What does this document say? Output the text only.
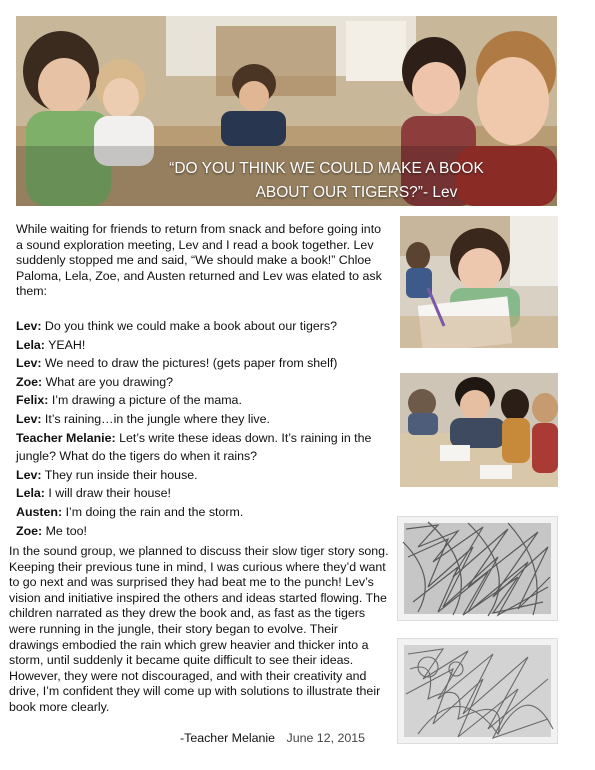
“DO YOU THINK WE COULD MAKE A BOOK
ABOUT OUR TIGERS?”- Lev
While waiting for friends to return from snack and before going into a sound exploration meeting, Lev and I read a book together. Lev suddenly stopped me and said, “We should make a book!” Chloe Paloma, Lela, Zoe, and Austen returned and Lev was elated to ask them:
Lev: Do you think we could make a book about our tigers?
Lela: YEAH!
Lev: We need to draw the pictures! (gets paper from shelf)
Zoe: What are you drawing?
Felix: I’m drawing a picture of the mama.
Lev: It’s raining…in the jungle where they live.
Teacher Melanie: Let’s write these ideas down. It’s raining in the jungle? What do the tigers do when it rains?
Lev: They run inside their house.
Lela: I will draw their house!
Austen: I’m doing the rain and the storm.
Zoe: Me too!
In the sound group, we planned to discuss their slow tiger story song. Keeping their previous tune in mind, I was curious where they’d want to go next and was surprised they had beat me to the punch! Lev’s vision and initiative inspired the others and ideas started flowing. The children narrated as they drew the book and, as fast as the tigers were running in the jungle, their story began to evolve. Their drawings embodied the rain which grew heavier and thicker into a storm, until suddenly it became quite difficult to see their ideas. However, they were not discouraged, and with their creativity and drive, I’m confident they will come up with solutions to illustrate their book more clearly.
-Teacher Melanie June 12, 2015
